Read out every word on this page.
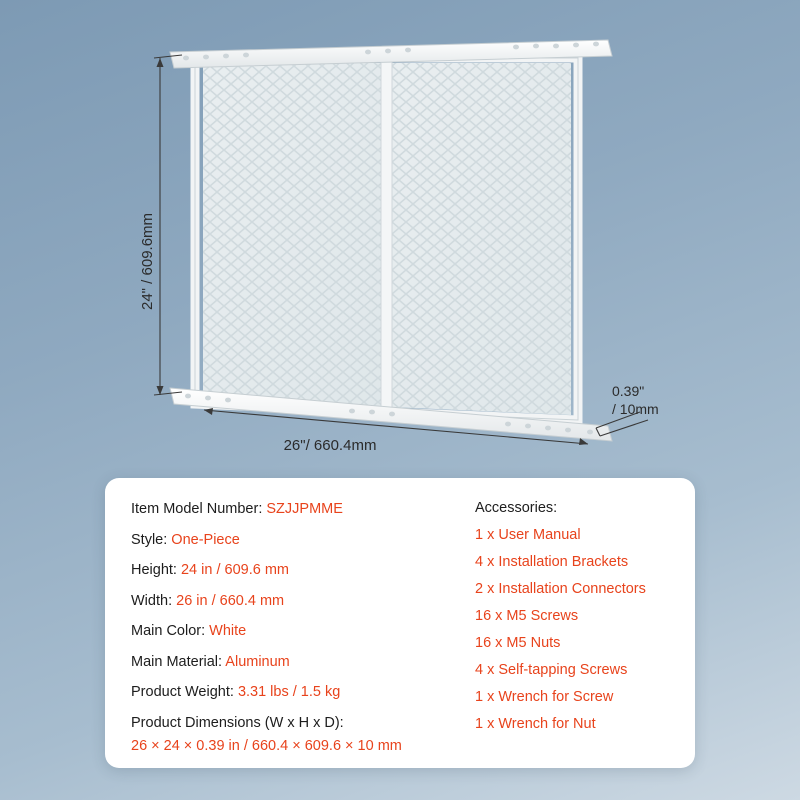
24" / 609.6mm
26"/ 660.4mm
0.39"
/ 10mm
Item Model Number: SZJJPMME
Style: One-Piece
Height: 24 in / 609.6 mm
Width: 26 in / 660.4 mm
Main Color: White
Main Material: Aluminum
Product Weight: 3.31 lbs / 1.5 kg
Product Dimensions (W x H x D):
26 × 24 × 0.39 in / 660.4 × 609.6 × 10 mm
Accessories:
1 x User Manual
4 x Installation Brackets
2 x Installation Connectors
16 x M5 Screws
16 x M5 Nuts
4 x Self-tapping Screws
1 x Wrench for Screw
1 x Wrench for Nut
